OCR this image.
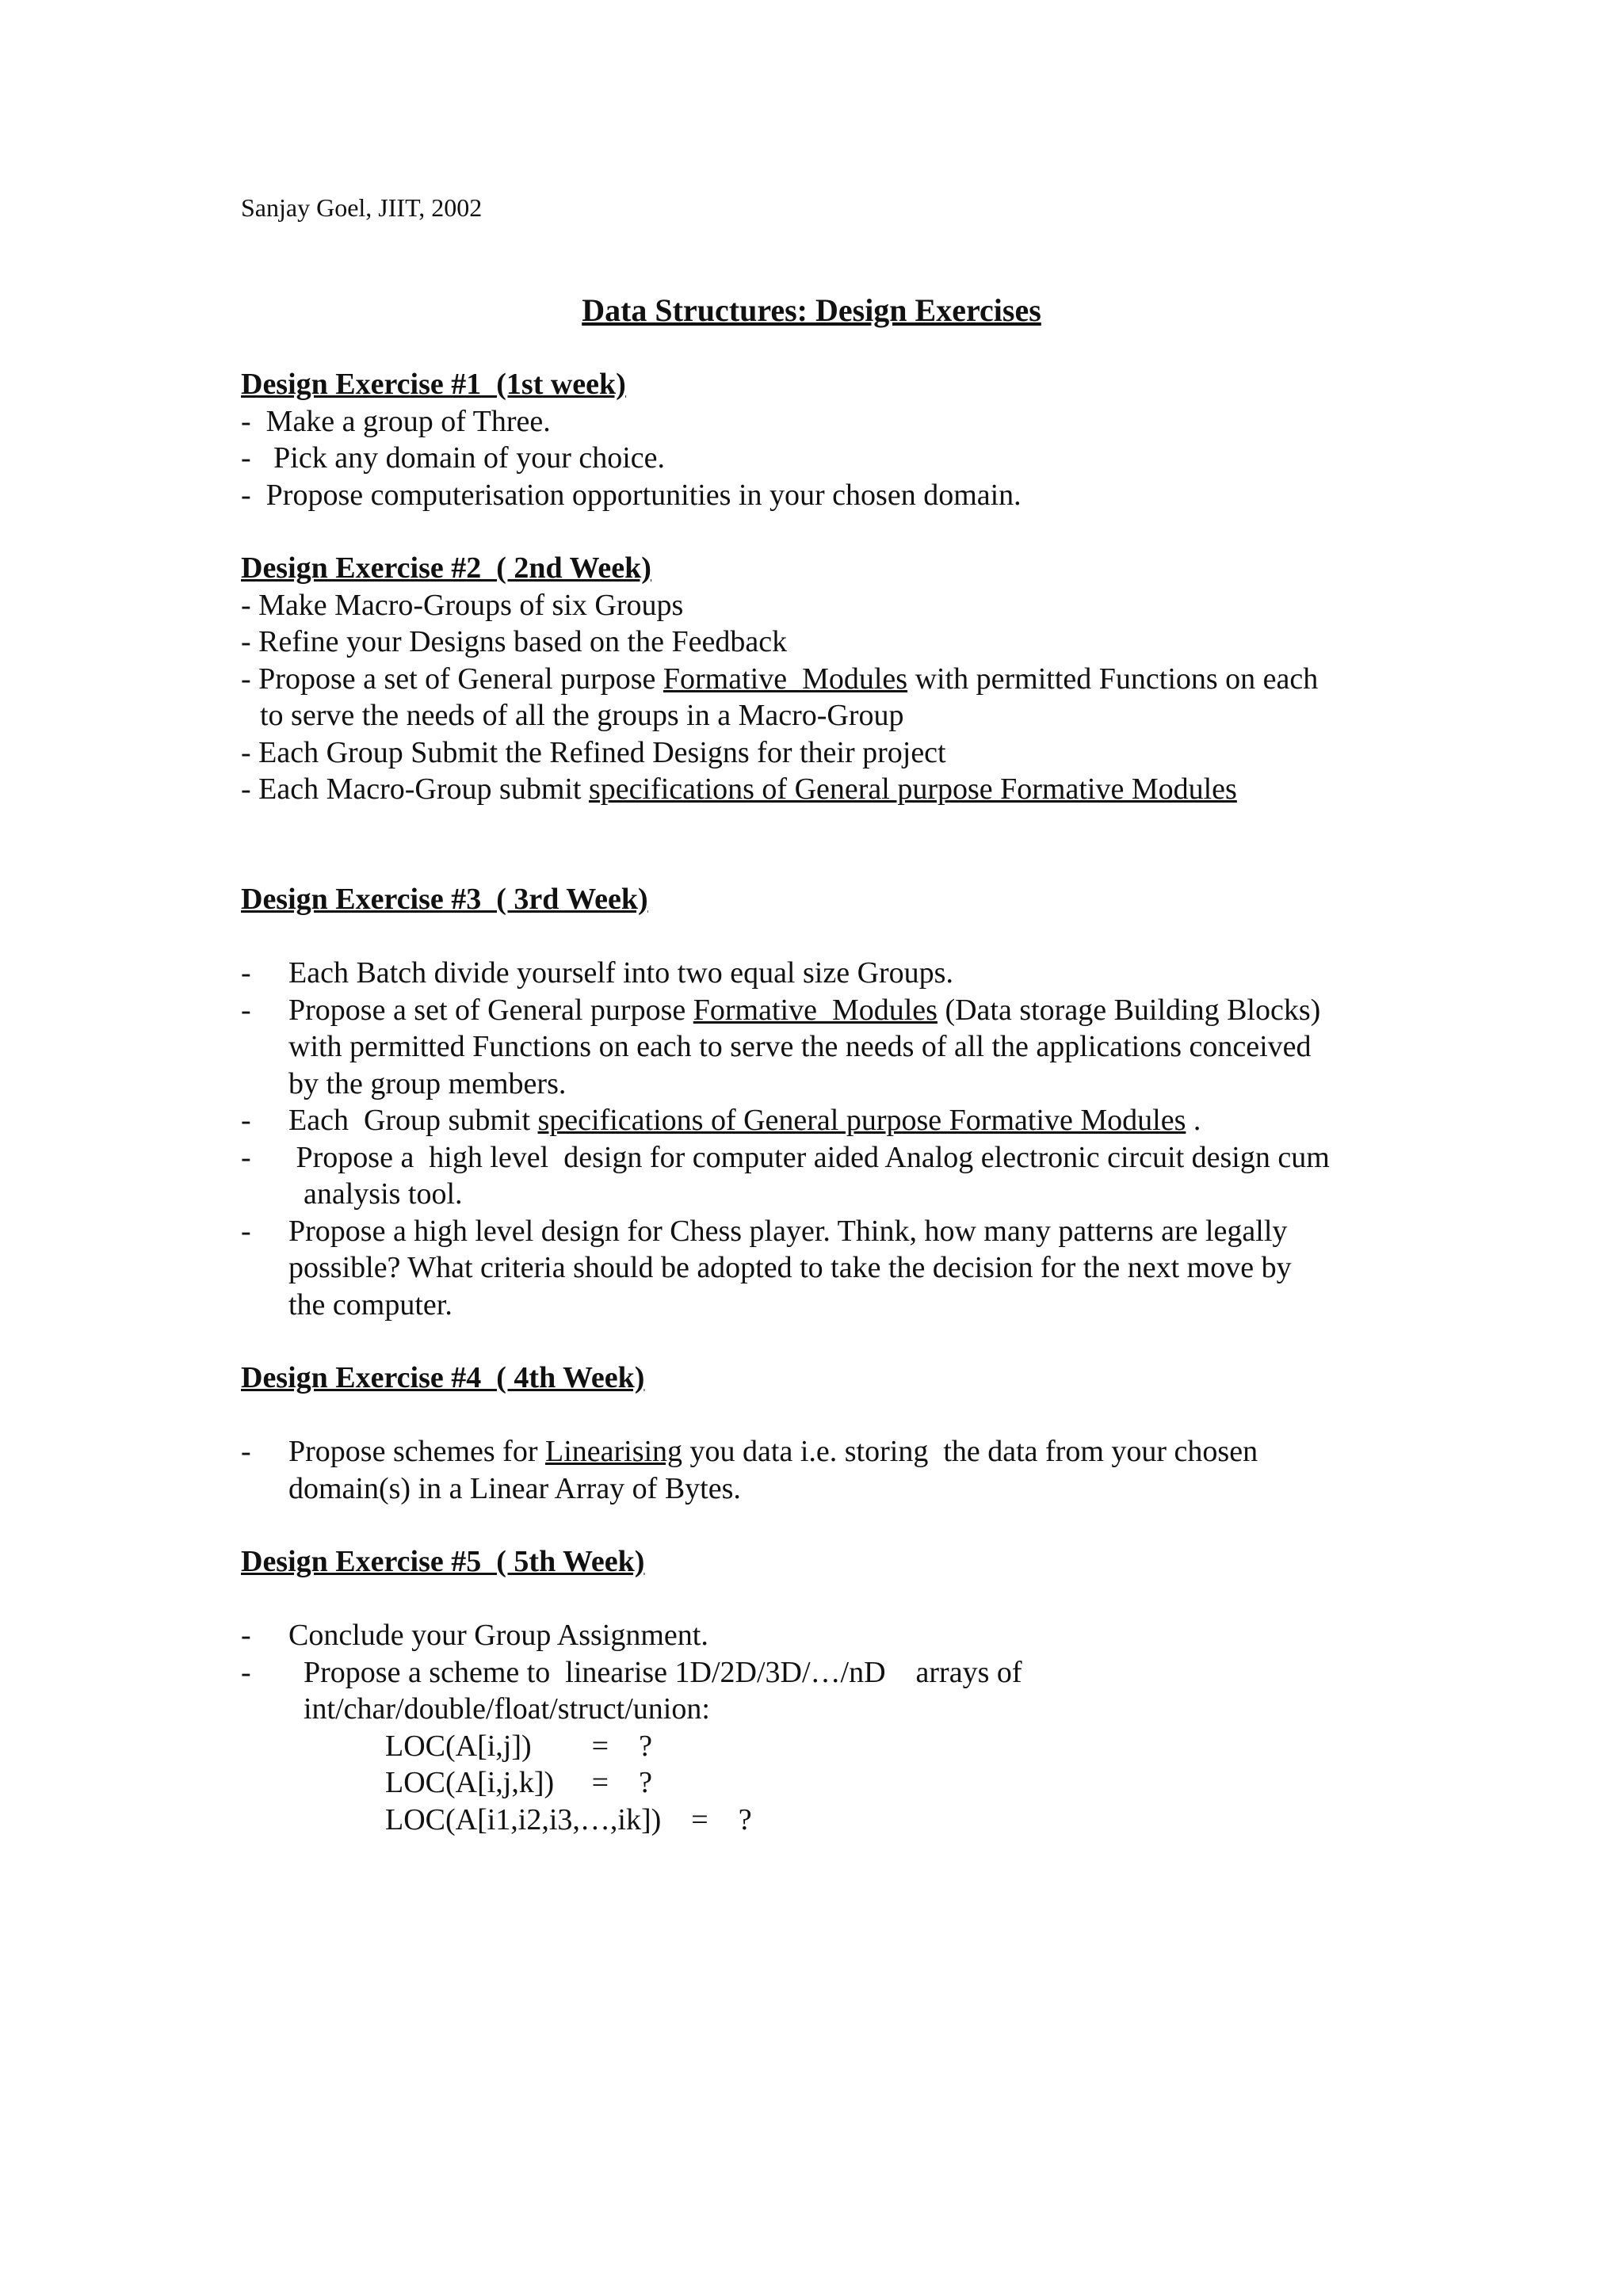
Sanjay Goel, JIIT, 2002
Data Structures: Design Exercises
Design Exercise #1  (1st week)
-  Make a group of Three.
-   Pick any domain of your choice.
-  Propose computerisation opportunities in your chosen domain.
Design Exercise #2  ( 2nd Week)
- Make Macro-Groups of six Groups
- Refine your Designs based on the Feedback
- Propose a set of General purpose Formative  Modules with permitted Functions on each
to serve the needs of all the groups in a Macro-Group
- Each Group Submit the Refined Designs for their project
- Each Macro-Group submit specifications of General purpose Formative Modules
Design Exercise #3  ( 3rd Week)
- Each Batch divide yourself into two equal size Groups.
- Propose a set of General purpose Formative  Modules (Data storage Building Blocks)
with permitted Functions on each to serve the needs of all the applications conceived
by the group members.
- Each  Group submit specifications of General purpose Formative Modules .
- Propose a  high level  design for computer aided Analog electronic circuit design cum
analysis tool.
- Propose a high level design for Chess player. Think, how many patterns are legally
possible? What criteria should be adopted to take the decision for the next move by
the computer.
Design Exercise #4  ( 4th Week)
- Propose schemes for Linearising you data i.e. storing  the data from your chosen
domain(s) in a Linear Array of Bytes.
Design Exercise #5  ( 5th Week)
- Conclude your Group Assignment.
- Propose a scheme to  linearise 1D/2D/3D/…/nD    arrays of
int/char/double/float/struct/union:
LOC(A[i,j])        =    ?
LOC(A[i,j,k])     =    ?
LOC(A[i1,i2,i3,…,ik])    =    ?
